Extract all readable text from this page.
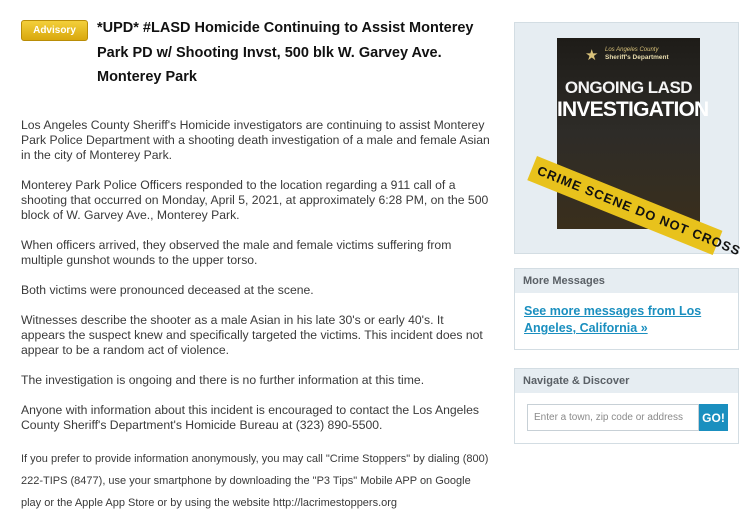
Advisory	*UPD* #LASD Homicide Continuing to Assist Monterey Park PD w/ Shooting Invst, 500 blk W. Garvey Ave. Monterey Park

Los Angeles County Sheriff's Homicide investigators are continuing to assist Monterey Park Police Department with a shooting death investigation of a male and female Asian in the city of Monterey Park.

Monterey Park Police Officers responded to the location regarding a 911 call of a shooting that occurred on Monday, April 5, 2021, at approximately 6:28 PM, on the 500 block of W. Garvey Ave., Monterey Park.

When officers arrived, they observed the male and female victims suffering from multiple gunshot wounds to the upper torso.

Both victims were pronounced deceased at the scene.

Witnesses describe the shooter as a male Asian in his late 30's or early 40's. It appears the suspect knew and specifically targeted the victims. This incident does not appear to be a random act of violence.

The investigation is ongoing and there is no further information at this time.

Anyone with information about this incident is encouraged to contact the Los Angeles County Sheriff's Department's Homicide Bureau at (323) 890-5500.

If you prefer to provide information anonymously, you may call "Crime Stoppers" by dialing (800) 222-TIPS (8477), use your smartphone by downloading the "P3 Tips" Mobile APP on Google play or the Apple App Store or by using the website http://lacrimestoppers.org

★ Los Angeles County
Sheriff's Department
ONGOING LASD
INVESTIGATION
CRIME SCENE DO NOT CROSS
More Messages
See more messages from Los Angeles, California »
Navigate & Discover
Enter a town, zip code or address
GO!
